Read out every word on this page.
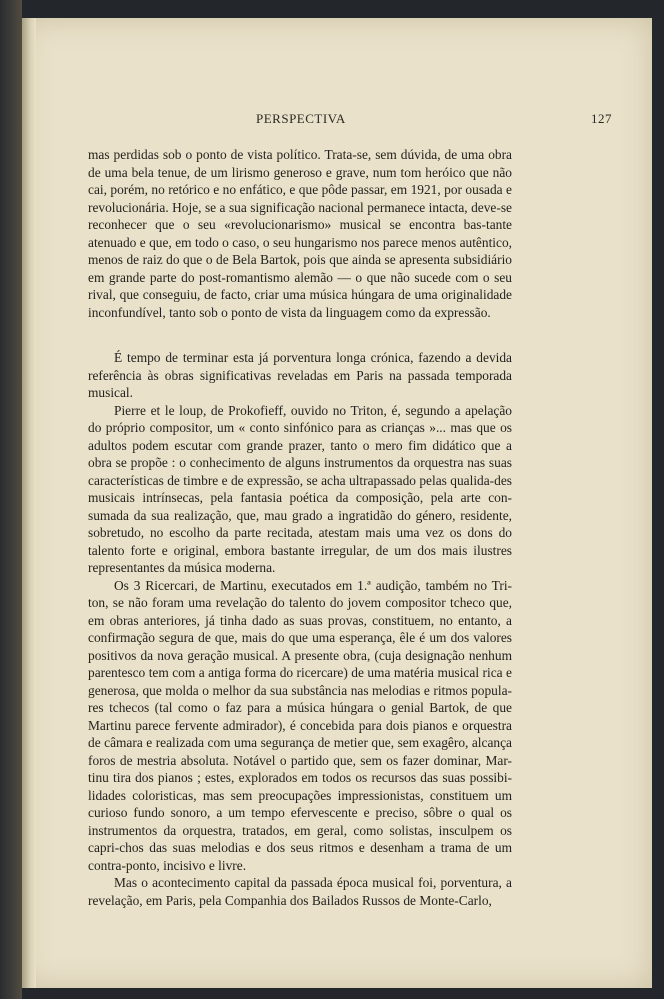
PERSPECTIVA	127

mas perdidas sob o ponto de vista político. Trata-se, sem dúvida, de uma obra de uma bela tenue, de um lirismo generoso e grave, num tom heróico que não cai, porém, no retórico e no enfático, e que pôde passar, em 1921, por ousada e revolucionária. Hoje, se a sua significação nacional permanece intacta, deve-se reconhecer que o seu «revolucionarismo» musical se encontra bas-tante atenuado e que, em todo o caso, o seu hungarismo nos parece menos autêntico, menos de raiz do que o de Bela Bartok, pois que ainda se apresenta subsidiário em grande parte do post-romantismo alemão — o que não sucede com o seu rival, que conseguiu, de facto, criar uma música húngara de uma originalidade inconfundível, tanto sob o ponto de vista da linguagem como da expressão.

É tempo de terminar esta já porventura longa crónica, fazendo a devida referência às obras significativas reveladas em Paris na passada temporada musical.

Pierre et le loup, de Prokofieff, ouvido no Triton, é, segundo a apelação do próprio compositor, um « conto sinfónico para as crianças »... mas que os adultos podem escutar com grande prazer, tanto o mero fim didático que a obra se propõe : o conhecimento de alguns instrumentos da orquestra nas suas características de timbre e de expressão, se acha ultrapassado pelas qualida-des musicais intrínsecas, pela fantasia poética da composição, pela arte con-sumada da sua realização, que, mau grado a ingratidão do género, residente, sobretudo, no escolho da parte recitada, atestam mais uma vez os dons do talento forte e original, embora bastante irregular, de um dos mais ilustres representantes da música moderna.

Os 3 Ricercari, de Martinu, executados em 1.ª audição, também no Tri-ton, se não foram uma revelação do talento do jovem compositor tcheco que, em obras anteriores, já tinha dado as suas provas, constituem, no entanto, a confirmação segura de que, mais do que uma esperança, êle é um dos valores positivos da nova geração musical. A presente obra, (cuja designação nenhum parentesco tem com a antiga forma do ricercare) de uma matéria musical rica e generosa, que molda o melhor da sua substância nas melodias e ritmos popula-res tchecos (tal como o faz para a música húngara o genial Bartok, de que Martinu parece fervente admirador), é concebida para dois pianos e orquestra de câmara e realizada com uma segurança de metier que, sem exagêro, alcança foros de mestria absoluta. Notável o partido que, sem os fazer dominar, Mar-tinu tira dos pianos ; estes, explorados em todos os recursos das suas possibi-lidades coloristicas, mas sem preocupações impressionistas, constituem um curioso fundo sonoro, a um tempo efervescente e preciso, sôbre o qual os instrumentos da orquestra, tratados, em geral, como solistas, insculpem os capri-chos das suas melodias e dos seus ritmos e desenham a trama de um contra-ponto, incisivo e livre.

Mas o acontecimento capital da passada época musical foi, porventura, a revelação, em Paris, pela Companhia dos Bailados Russos de Monte-Carlo,
